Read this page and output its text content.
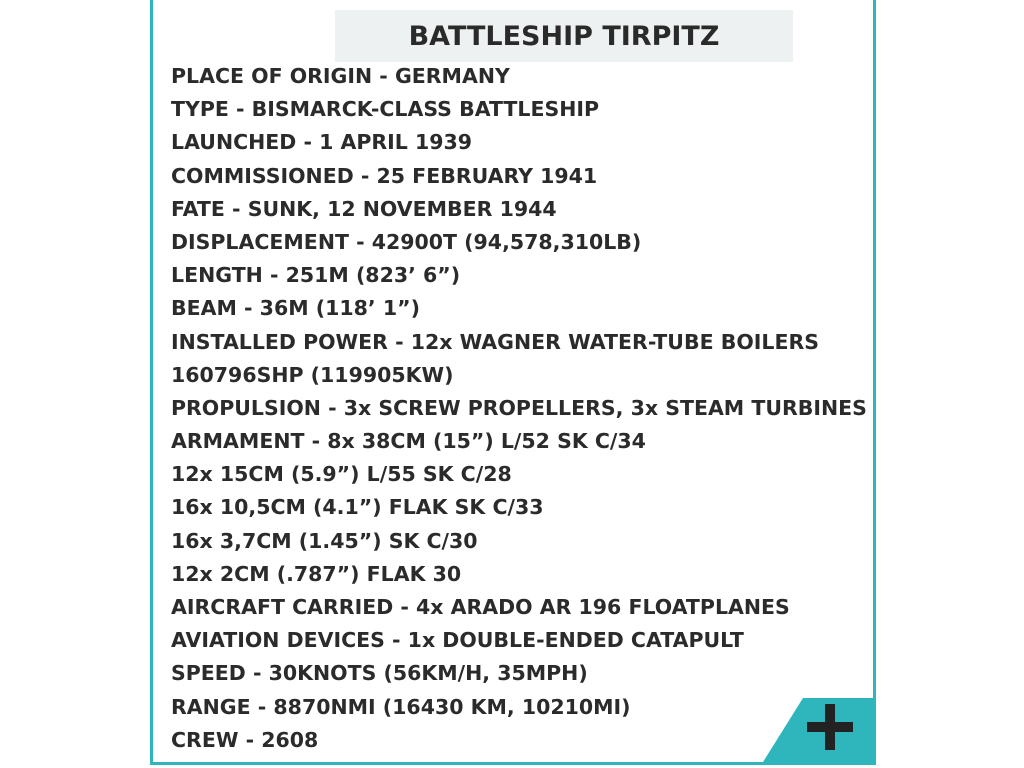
BATTLESHIP TIRPITZ
PLACE OF ORIGIN - GERMANY
TYPE - BISMARCK-CLASS BATTLESHIP
LAUNCHED - 1 APRIL 1939
COMMISSIONED - 25 FEBRUARY 1941
FATE - SUNK, 12 NOVEMBER 1944
DISPLACEMENT - 42900T (94,578,310LB)
LENGTH - 251M (823’ 6”)
BEAM - 36M (118’ 1”)
INSTALLED POWER - 12x WAGNER WATER-TUBE BOILERS
160796SHP (119905KW)
PROPULSION - 3x SCREW PROPELLERS, 3x STEAM TURBINES
ARMAMENT - 8x 38CM (15”) L/52 SK C/34
12x 15CM (5.9”) L/55 SK C/28
16x 10,5CM (4.1”) FLAK SK C/33
16x 3,7CM (1.45”) SK C/30
12x 2CM (.787”) FLAK 30
AIRCRAFT CARRIED - 4x ARADO AR 196 FLOATPLANES
AVIATION DEVICES - 1x DOUBLE-ENDED CATAPULT
SPEED - 30KNOTS (56KM/H, 35MPH)
RANGE - 8870NMI (16430 KM, 10210MI)
CREW - 2608
